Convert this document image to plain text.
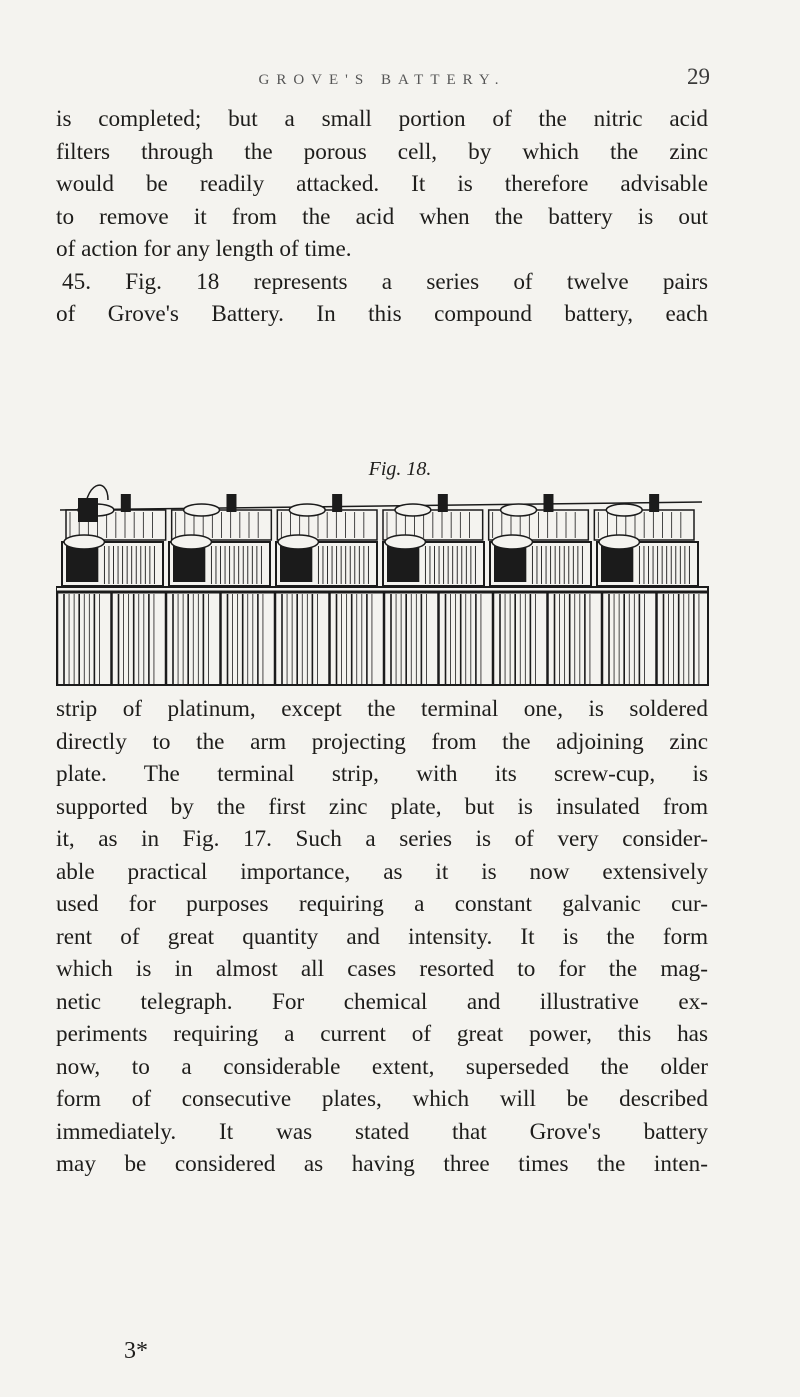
GROVE'S BATTERY.	29
is completed; but a small portion of the nitric acid
filters through the porous cell, by which the zinc
would be readily attacked. It is therefore advisable
to remove it from the acid when the battery is out
of action for any length of time.
45. Fig. 18 represents a series of twelve pairs
of Grove's Battery. In this compound battery, each
Fig. 18.
strip of platinum, except the terminal one, is soldered
directly to the arm projecting from the adjoining zinc
plate. The terminal strip, with its screw-cup, is
supported by the first zinc plate, but is insulated from
it, as in Fig. 17. Such a series is of very consider-
able practical importance, as it is now extensively
used for purposes requiring a constant galvanic cur-
rent of great quantity and intensity. It is the form
which is in almost all cases resorted to for the mag-
netic telegraph. For chemical and illustrative ex-
periments requiring a current of great power, this has
now, to a considerable extent, superseded the older
form of consecutive plates, which will be described
immediately. It was stated that Grove's battery
may be considered as having three times the inten-
3*
